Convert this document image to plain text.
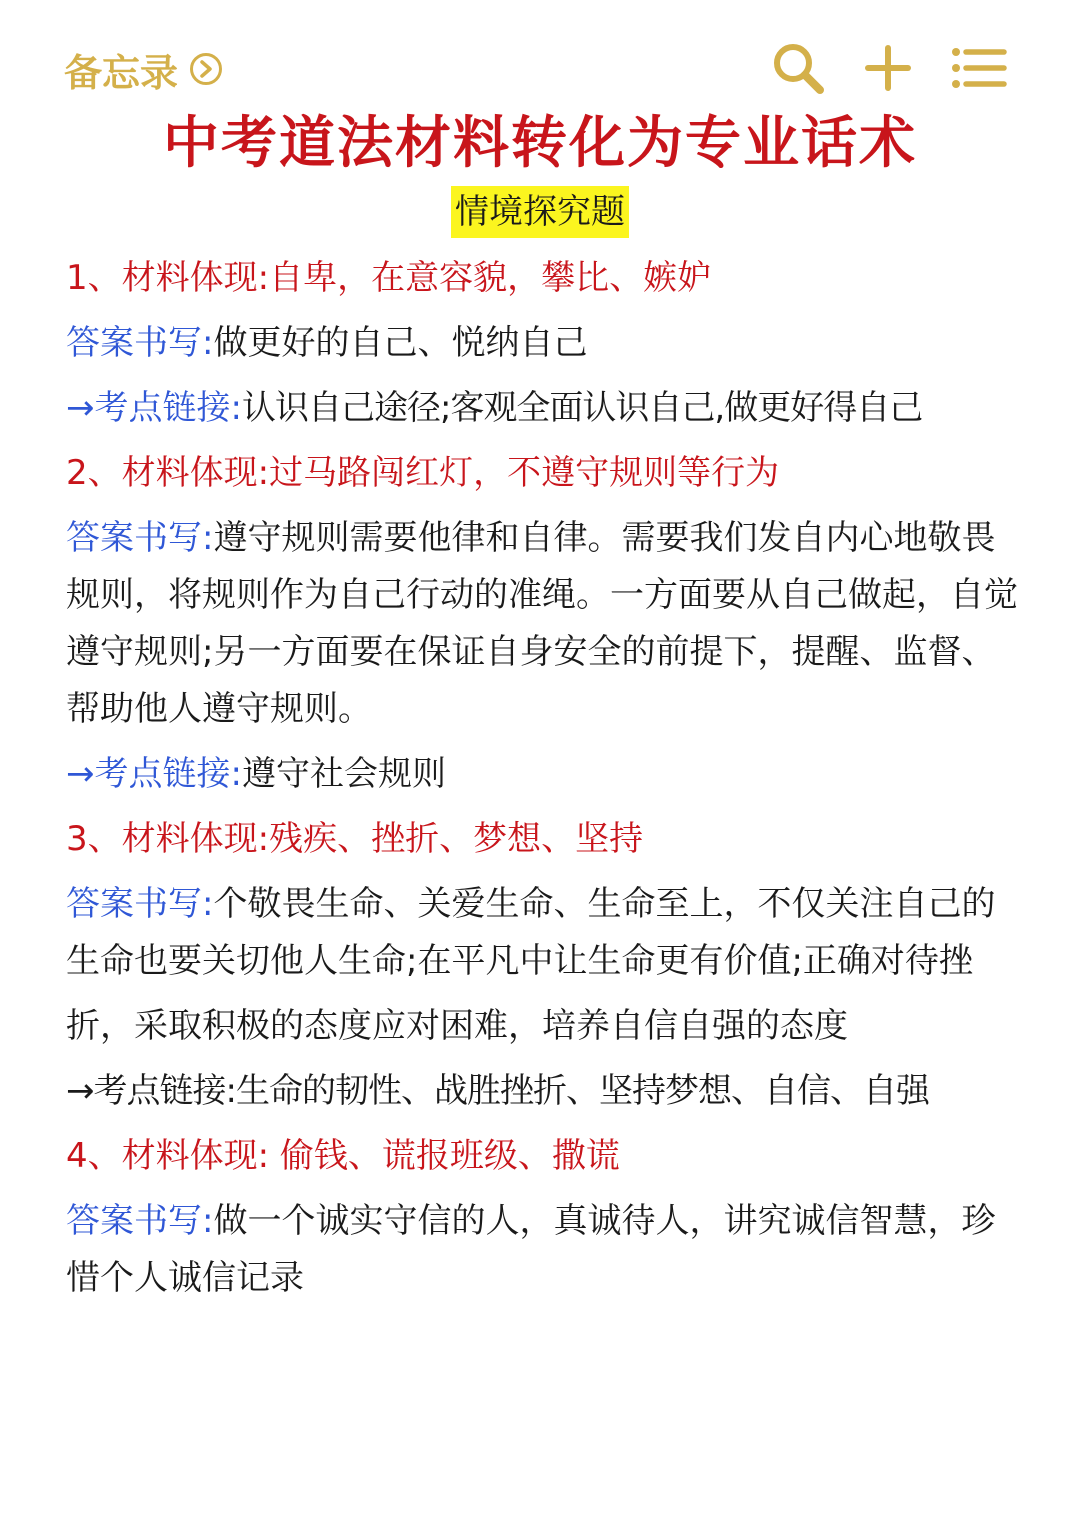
备忘录
中考道法材料转化为专业话术
情境探究题
1、材料体现:自卑，在意容貌，攀比、嫉妒
答案书写:做更好的自己、悦纳自己
→考点链接:认识自己途径;客观全面认识自己,做更好得自己
2、材料体现:过马路闯红灯，不遵守规则等行为
答案书写:遵守规则需要他律和自律。需要我们发自内心地敬畏规则，将规则作为自己行动的准绳。一方面要从自己做起，自觉遵守规则;另一方面要在保证自身安全的前提下，提醒、监督、帮助他人遵守规则。
→考点链接:遵守社会规则
3、材料体现:残疾、挫折、梦想、坚持
答案书写:个敬畏生命、关爱生命、生命至上，不仅关注自己的生命也要关切他人生命;在平凡中让生命更有价值;正确对待挫
折，采取积极的态度应对困难，培养自信自强的态度
→考点链接:生命的韧性、战胜挫折、坚持梦想、自信、自强
4、材料体现: 偷钱、谎报班级、撒谎
答案书写:做一个诚实守信的人，真诚待人，讲究诚信智慧，珍惜个人诚信记录
